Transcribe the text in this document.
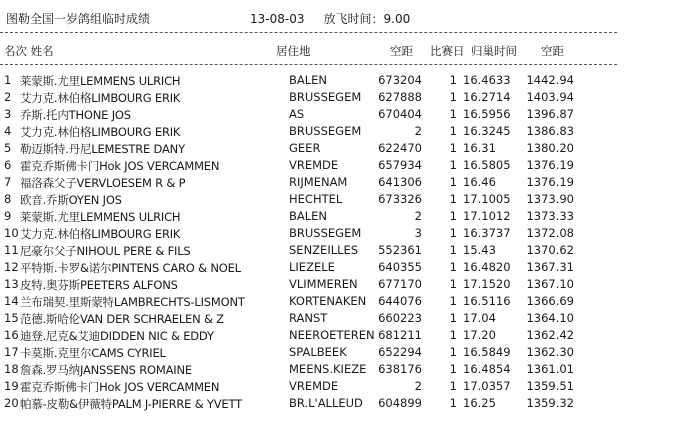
图勒全国一岁鸽组临时成绩	13-08-03 放飞时间：9.00
名次 姓名	居住地	空距 比赛日 归巢时间 空距
1 莱蒙斯.尤里LEMMENS ULRICH	BALEN	673204 1 16.4633 1442.94
2 艾力克.林伯格LIMBOURG ERIK	BRUSSEGEM 627888 1 16.2714 1403.94
3 乔斯.托内THONE JOS	AS	670404 1 16.5956 1396.87
4 艾力克.林伯格LIMBOURG ERIK	BRUSSEGEM	2 1 16.3245 1386.83
5 勒迈斯特.丹尼LEMESTRE DANY	GEER	622470 1 16.31	1380.20
6 霍克乔斯佛卡门Hok JOS VERCAMMEN	VREMDE	657934 1 16.5805 1376.19
7 福洛森父子VERVLOESEM R & P	RIJMENAM	641306 1 16.46	1376.19
8 欧音.乔斯OYEN JOS	HECHTEL	673326 1 17.1005 1373.90
9 莱蒙斯.尤里LEMMENS ULRICH	BALEN	2 1 17.1012 1373.33
10 艾力克.林伯格LIMBOURG ERIK	BRUSSEGEM	3 1 16.3737 1372.08
11 尼豪尔父子NIHOUL PERE & FILS	SENZEILLES 552361 1 15.43	1370.62
12 平特斯.卡罗&诺尔PINTENS CARO & NOEL	LIEZELE	640355 1 16.4820 1367.31
13 皮特.奥芬斯PEETERS ALFONS	VLIMMEREN 677170 1 17.1520 1367.10
14 兰布瑞契.里斯蒙特LAMBRECHTS-LISMONT	KORTENAKEN 644076 1 16.5116 1366.69
15 范德.斯哈伦VAN DER SCHRAELEN & Z	RANST	660223 1 17.04	1364.10
16 迪登.尼克&艾迪DIDDEN NIC & EDDY	NEEROETEREN 681211 1 17.20	1362.42
17 卡莫斯.克里尔CAMS CYRIEL	SPALBEEK	652294 1 16.5849 1362.30
18 詹森.罗马纳JANSSENS ROMAINE	MEENS.KIEZE 638176 1 16.4854 1361.01
19 霍克乔斯佛卡门Hok JOS VERCAMMEN	VREMDE	2 1 17.0357 1359.51
20 帕慕-皮勒&伊薇特PALM J-PIERRE & YVETT	BR.L'ALLEUD 604899 1 16.25	1359.32
